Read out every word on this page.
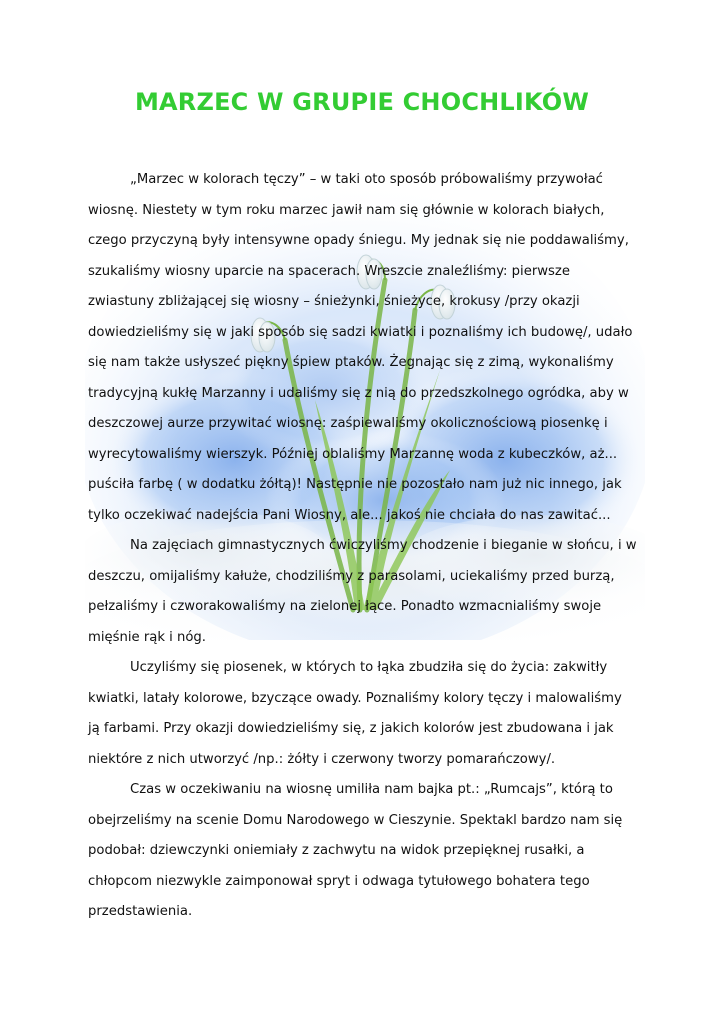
MARZEC W GRUPIE CHOCHLIKÓW
„Marzec w kolorach tęczy” – w taki oto sposób próbowaliśmy przywołać
wiosnę. Niestety w tym roku marzec jawił nam się głównie w kolorach białych,
czego przyczyną były intensywne opady śniegu. My jednak się nie poddawaliśmy,
szukaliśmy wiosny uparcie na spacerach. Wreszcie znaleźliśmy: pierwsze
zwiastuny zbliżającej się wiosny – śnieżynki, śnieżyce, krokusy /przy okazji
dowiedzieliśmy się w jaki sposób się sadzi kwiatki i poznaliśmy ich budowę/, udało
się nam także usłyszeć piękny śpiew ptaków. Żegnając się z zimą, wykonaliśmy
tradycyjną kukłę Marzanny i udaliśmy się z nią do przedszkolnego ogródka, aby w
deszczowej aurze przywitać wiosnę: zaśpiewaliśmy okolicznościową piosenkę i
wyrecytowaliśmy wierszyk. Później oblaliśmy Marzannę woda z kubeczków, aż...
puściła farbę ( w dodatku żółtą)! Następnie nie pozostało nam już nic innego, jak
tylko oczekiwać nadejścia Pani Wiosny, ale... jakoś nie chciała do nas zawitać...
Na zajęciach gimnastycznych ćwiczyliśmy chodzenie i bieganie w słońcu, i w
deszczu, omijaliśmy kałuże, chodziliśmy z parasolami, uciekaliśmy przed burzą,
pełzaliśmy i czworakowaliśmy na zielonej łące. Ponadto wzmacnialiśmy swoje
mięśnie rąk i nóg.
Uczyliśmy się piosenek, w których to łąka zbudziła się do życia: zakwitły
kwiatki, latały kolorowe, bzyczące owady. Poznaliśmy kolory tęczy i malowaliśmy
ją farbami. Przy okazji dowiedzieliśmy się, z jakich kolorów jest zbudowana i jak
niektóre z nich utworzyć /np.: żółty i czerwony tworzy pomarańczowy/.
Czas w oczekiwaniu na wiosnę umiliła nam bajka pt.: „Rumcajs”, którą to
obejrzeliśmy na scenie Domu Narodowego w Cieszynie. Spektakl bardzo nam się
podobał: dziewczynki oniemiały z zachwytu na widok przepięknej rusałki, a
chłopcom niezwykle zaimponował spryt i odwaga tytułowego bohatera tego
przedstawienia.
